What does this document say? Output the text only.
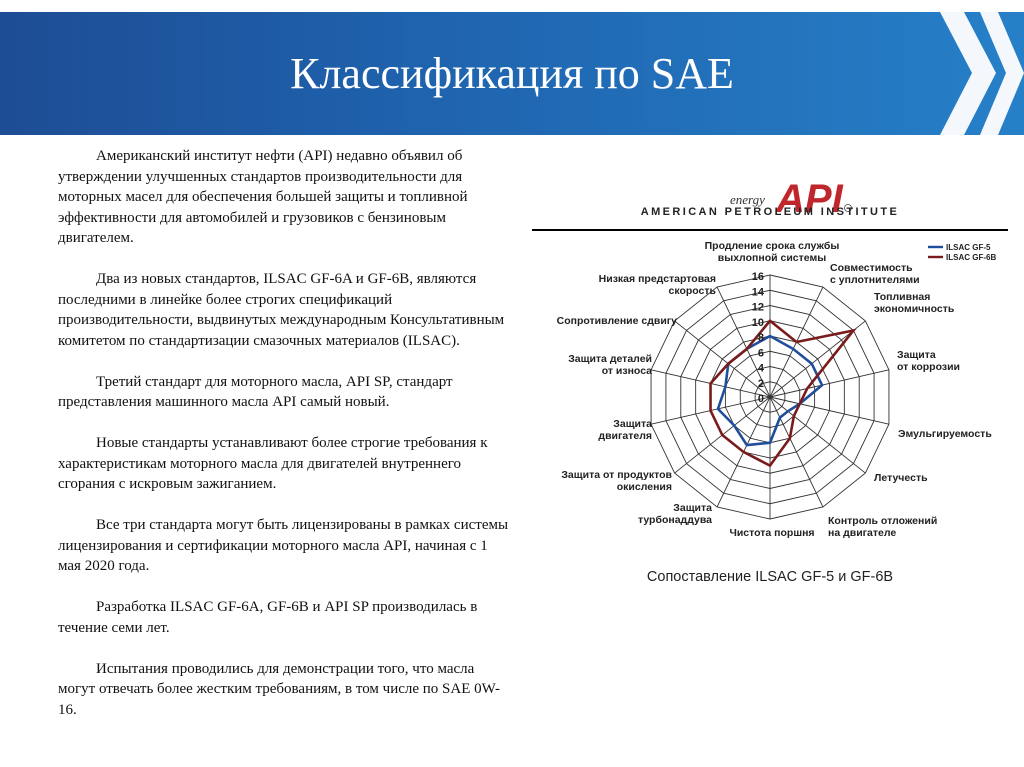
Классификация по SAE

Американский институт нефти (API) недавно объявил об утверждении улучшенных стандартов производительности для моторных масел для обеспечения большей защиты и топливной эффективности для автомобилей и грузовиков с бензиновым двигателем.

Два из новых стандартов, ILSAC GF-6A и GF-6B, являются последними в линейке более строгих спецификаций производительности, выдвинутых международным Консультативным комитетом по стандартизации смазочных материалов (ILSAC).

Третий стандарт для моторного масла, API SP, стандарт представления машинного масла API самый новый.

Новые стандарты устанавливают более строгие требования к характеристикам моторного масла для двигателей внутреннего сгорания с искровым зажиганием.

Все три стандарта могут быть лицензированы в рамках системы лицензирования и сертификации моторного масла API, начиная с 1 мая 2020 года.

Разработка ILSAC GF-6A, GF-6B и API SP производилась в течение семи лет.

Испытания проводились для демонстрации того, что масла могут отвечать более жестким требованиям, в том числе по SAE 0W-16.

energy API
AMERICAN PETROLEUM INSTITUTE
0
2
4
6
8
10
12
14
16
Продление срока службы выхлопной системы
Совместимость с уплотнителями
Топливная экономичность
Защита от коррозии
Эмульгируемость
Летучесть
Контроль отложений на двигателе
Чистота поршня
Защита турбонаддува
Защита от продуктов окисления
Защита двигателя
Защита деталей от износа
Сопротивление сдвигу
Низкая предстартовая скорость
ILSAC GF-5
ILSAC GF-6B
Сопоставление ILSAC GF-5 и GF-6B
